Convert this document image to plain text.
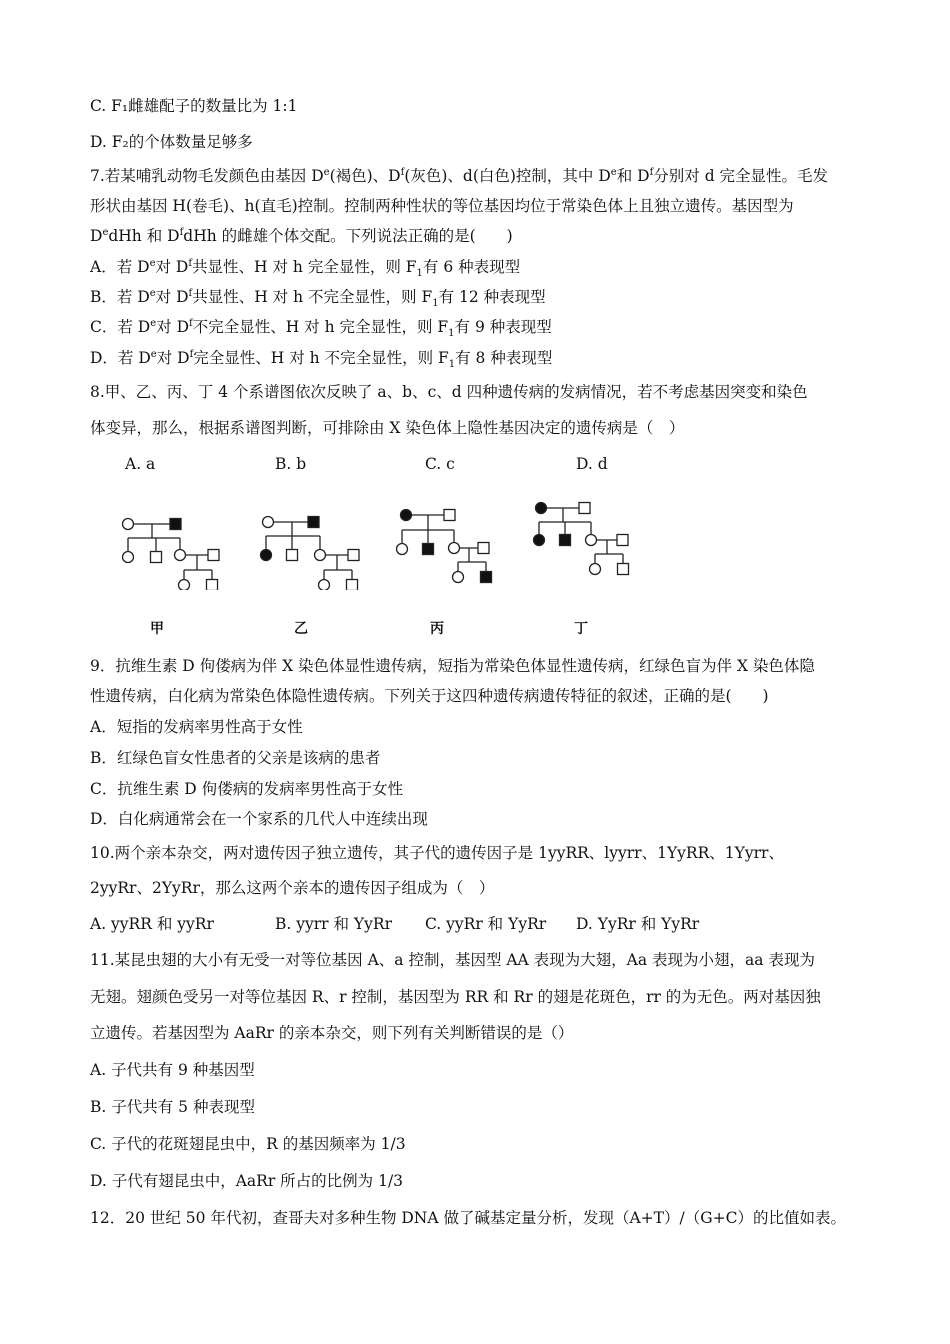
C. F₁雌雄配子的数量比为 1:1
D. F₂的个体数量足够多
7.若某哺乳动物毛发颜色由基因 De(褐色)、$D^f$(灰色)、d(白色)控制，其中 De和 $D^f$分别对 d 完全显性。毛发
形状由基因 H(卷毛)、h(直毛)控制。控制两种性状的等位基因均位于常染色体上且独立遗传。基因型为
DedHh 和 $D^fdHh$ 的雌雄个体交配。下列说法正确的是(　　)
A．若 De对 $D^f$共显性、H 对 h 完全显性，则 $F_1$有 6 种表现型
B．若 De对 $D^f$共显性、H 对 h 不完全显性，则 $F_1$有 12 种表现型
C．若 De对 $D^f$不完全显性、H 对 h 完全显性，则 $F_1$有 9 种表现型
D．若 De对 $D^f$完全显性、H 对 h 不完全显性，则 $F_1$有 8 种表现型
8.甲、乙、丙、丁 4 个系谱图依次反映了 a、b、c、d 四种遗传病的发病情况，若不考虑基因突变和染色
体变异，那么，根据系谱图判断，可排除由 X 染色体上隐性基因决定的遗传病是（　）
A. a	B. b	C. c	D. d
甲	乙	丙	丁
9．抗维生素 D 佝偻病为伴 X 染色体显性遗传病，短指为常染色体显性遗传病，红绿色盲为伴 X 染色体隐
性遗传病，白化病为常染色体隐性遗传病。下列关于这四种遗传病遗传特征的叙述，正确的是(　　)
A．短指的发病率男性高于女性
B．红绿色盲女性患者的父亲是该病的患者
C．抗维生素 D 佝偻病的发病率男性高于女性
D．白化病通常会在一个家系的几代人中连续出现
10.两个亲本杂交，两对遗传因子独立遗传，其子代的遗传因子是 1yyRR、lyyrr、1YyRR、1Yyrr、
2yyRr、2YyRr，那么这两个亲本的遗传因子组成为（　）
A. yyRR 和 yyRr	B. yyrr 和 YyRr C. yyRr 和 YyRr D. YyRr 和 YyRr
11.某昆虫翅的大小有无受一对等位基因 A、a 控制，基因型 AA 表现为大翅，Aa 表现为小翅，aa 表现为
无翅。翅颜色受另一对等位基因 R、r 控制，基因型为 RR 和 Rr 的翅是花斑色，rr 的为无色。两对基因独
立遗传。若基因型为 AaRr 的亲本杂交，则下列有关判断错误的是（）
A. 子代共有 9 种基因型
B. 子代共有 5 种表现型
C. 子代的花斑翅昆虫中，R 的基因频率为 1/3
D. 子代有翅昆虫中，AaRr 所占的比例为 1/3
12．20 世纪 50 年代初，查哥夫对多种生物 DNA 做了碱基定量分析，发现（A+T）/（G+C）的比值如表。
